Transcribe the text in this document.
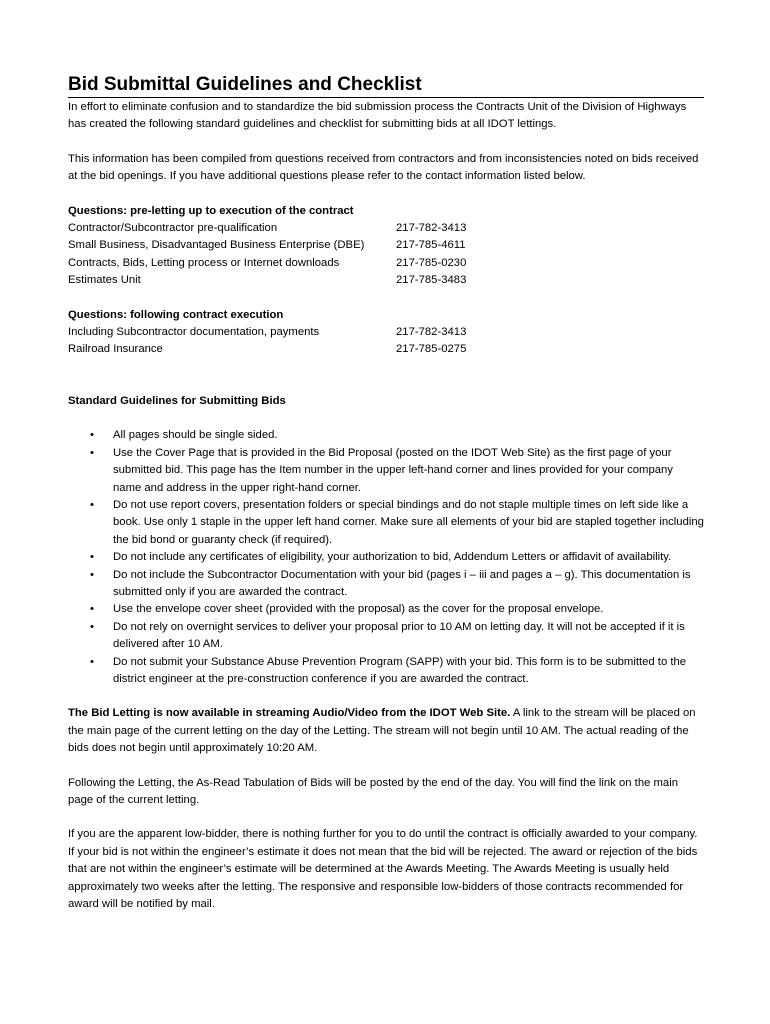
Bid Submittal Guidelines and Checklist

In effort to eliminate confusion and to standardize the bid submission process the Contracts Unit of the Division of Highways has created the following standard guidelines and checklist for submitting bids at all IDOT lettings.

This information has been compiled from questions received from contractors and from inconsistencies noted on bids received at the bid openings. If you have additional questions please refer to the contact information listed below.

Questions: pre-letting up to execution of the contract

Contractor/Subcontractor pre-qualification	217-782-3413
Small Business, Disadvantaged Business Enterprise (DBE)	217-785-4611
Contracts, Bids, Letting process or Internet downloads	217-785-0230
Estimates Unit	217-785-3483

Questions: following contract execution

Including Subcontractor documentation, payments	217-782-3413
Railroad Insurance	217-785-0275

Standard Guidelines for Submitting Bids

• All pages should be single sided.
• Use the Cover Page that is provided in the Bid Proposal (posted on the IDOT Web Site) as the first page of your submitted bid. This page has the Item number in the upper left-hand corner and lines provided for your company name and address in the upper right-hand corner.
• Do not use report covers, presentation folders or special bindings and do not staple multiple times on left side like a book. Use only 1 staple in the upper left hand corner. Make sure all elements of your bid are stapled together including the bid bond or guaranty check (if required).
• Do not include any certificates of eligibility, your authorization to bid, Addendum Letters or affidavit of availability.
• Do not include the Subcontractor Documentation with your bid (pages i – iii and pages a – g). This documentation is submitted only if you are awarded the contract.
• Use the envelope cover sheet (provided with the proposal) as the cover for the proposal envelope.
• Do not rely on overnight services to deliver your proposal prior to 10 AM on letting day. It will not be accepted if it is delivered after 10 AM.
• Do not submit your Substance Abuse Prevention Program (SAPP) with your bid. This form is to be submitted to the district engineer at the pre-construction conference if you are awarded the contract.

The Bid Letting is now available in streaming Audio/Video from the IDOT Web Site. A link to the stream will be placed on the main page of the current letting on the day of the Letting. The stream will not begin until 10 AM. The actual reading of the bids does not begin until approximately 10:20 AM.

Following the Letting, the As-Read Tabulation of Bids will be posted by the end of the day. You will find the link on the main page of the current letting.

If you are the apparent low-bidder, there is nothing further for you to do until the contract is officially awarded to your company. If your bid is not within the engineer’s estimate it does not mean that the bid will be rejected. The award or rejection of the bids that are not within the engineer’s estimate will be determined at the Awards Meeting. The Awards Meeting is usually held approximately two weeks after the letting. The responsive and responsible low-bidders of those contracts recommended for award will be notified by mail.
